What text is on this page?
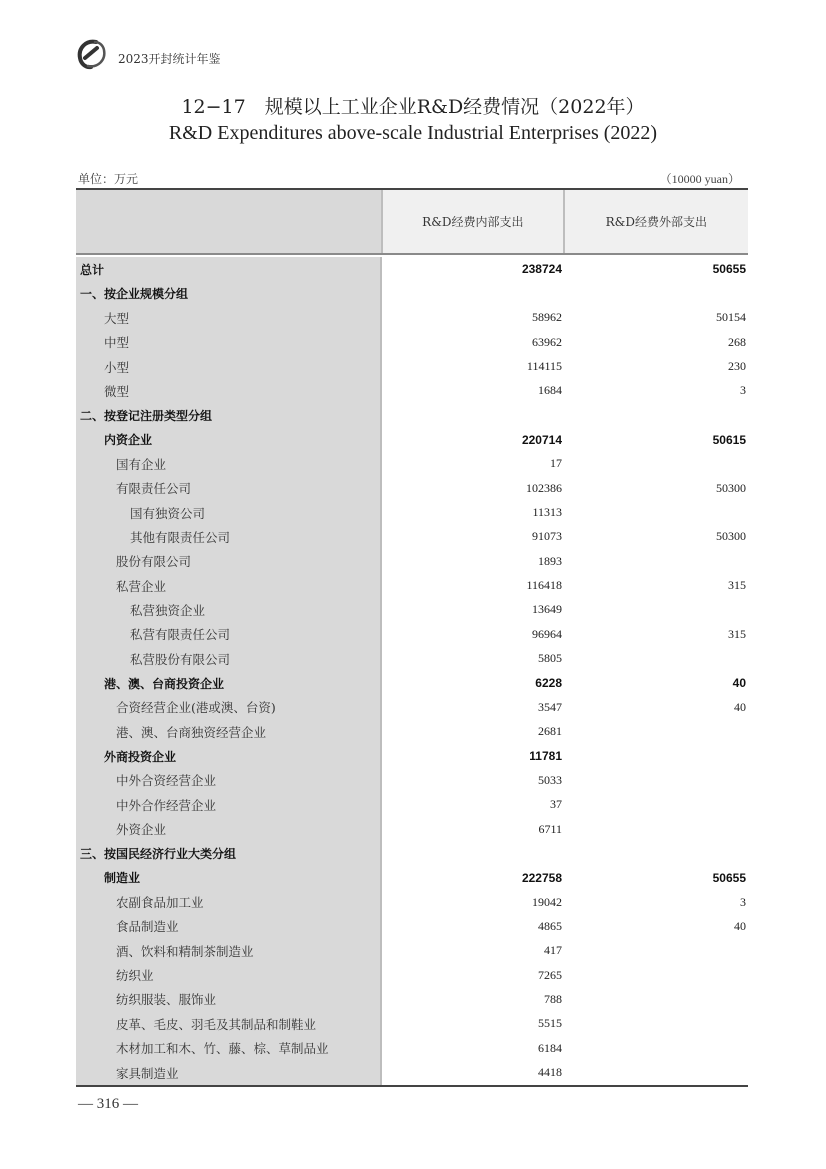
2023开封统计年鉴
12−17　规模以上工业企业R&D经费情况（2022年）
R&D Expenditures above-scale Industrial Enterprises (2022)
单位：万元	（10000 yuan）
R&D经费内部支出	R&D经费外部支出
总计	238724	50655
一、按企业规模分组
大型	58962	50154
中型	63962	268
小型	114115	230
微型	1684	3
二、按登记注册类型分组
内资企业	220714	50615
国有企业	17
有限责任公司	102386	50300
国有独资公司	11313
其他有限责任公司	91073	50300
股份有限公司	1893
私营企业	116418	315
私营独资企业	13649
私营有限责任公司	96964	315
私营股份有限公司	5805
港、澳、台商投资企业	6228	40
合资经营企业(港或澳、台资)	3547	40
港、澳、台商独资经营企业	2681
外商投资企业	11781
中外合资经营企业	5033
中外合作经营企业	37
外资企业	6711
三、按国民经济行业大类分组
制造业	222758	50655
农副食品加工业	19042	3
食品制造业	4865	40
酒、饮料和精制茶制造业	417
纺织业	7265
纺织服装、服饰业	788
皮革、毛皮、羽毛及其制品和制鞋业	5515
木材加工和木、竹、藤、棕、草制品业	6184
家具制造业	4418
— 316 —
